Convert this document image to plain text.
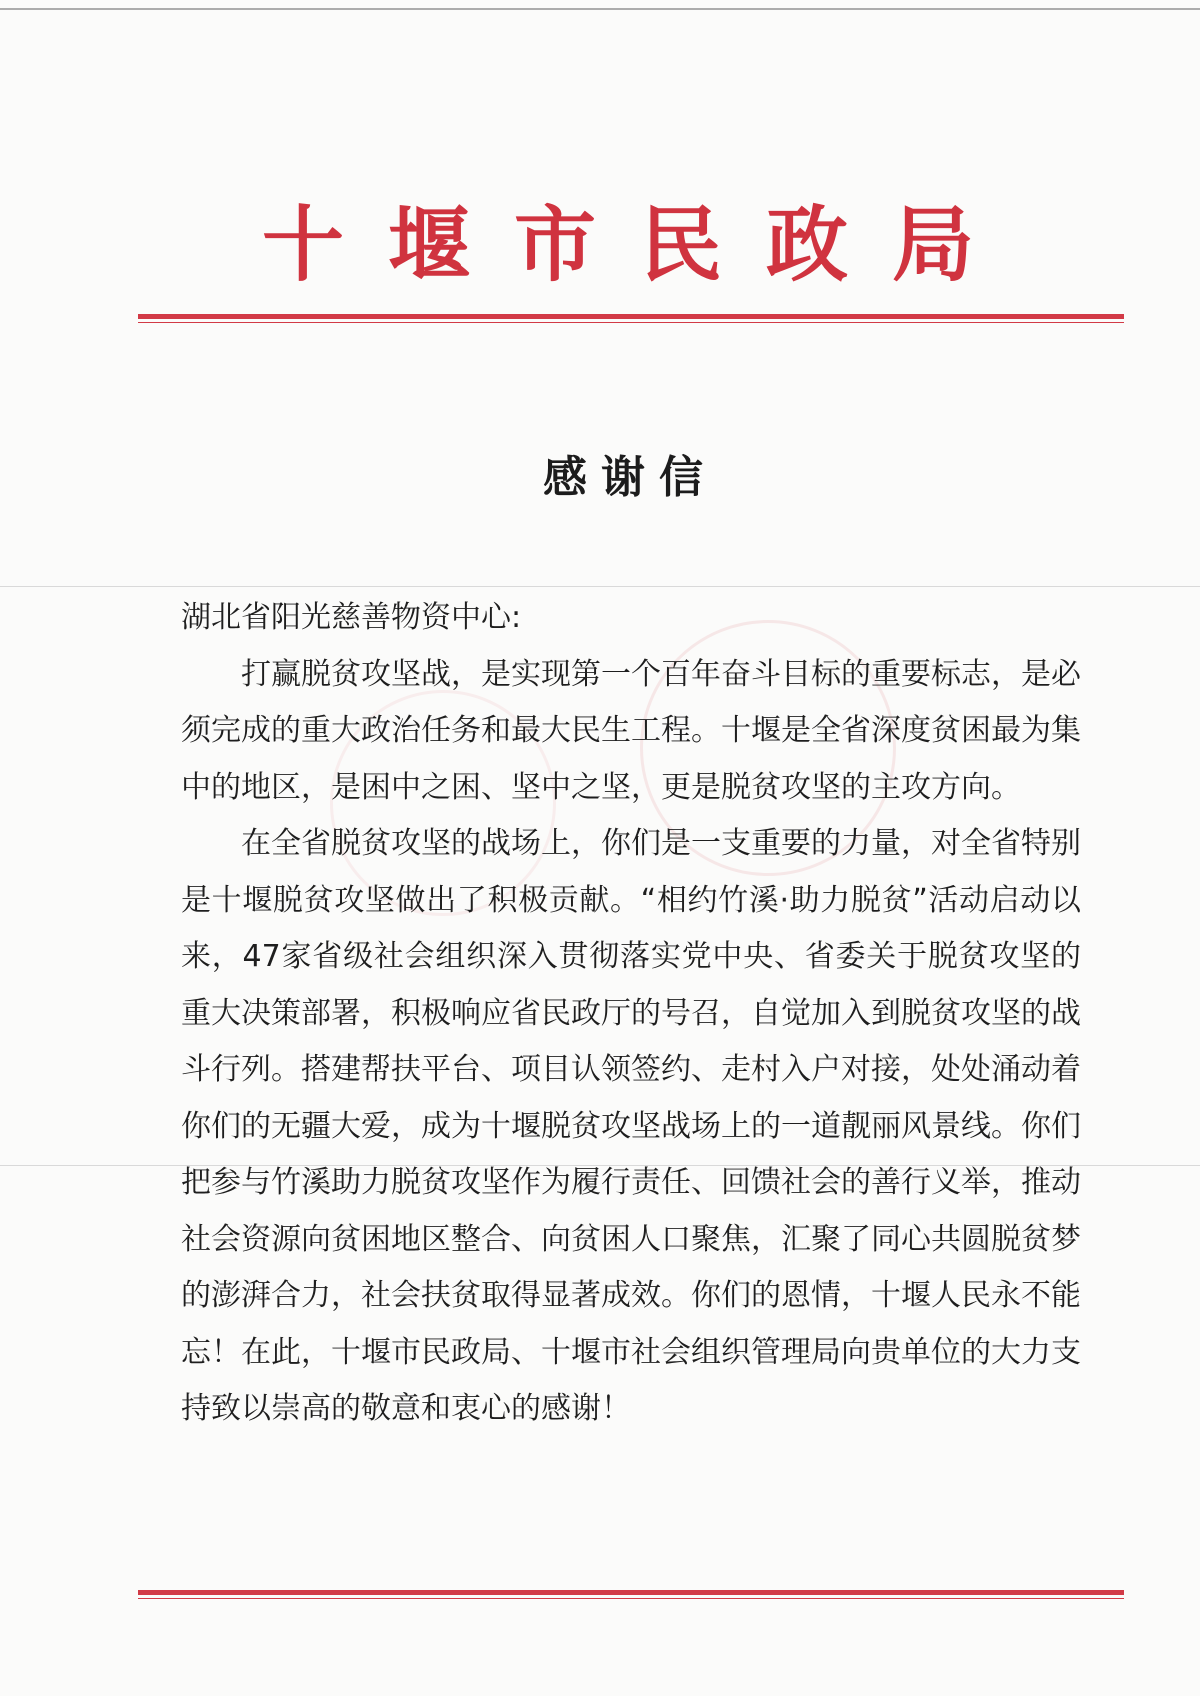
十堰市民政局
感谢信

湖北省阳光慈善物资中心:

打赢脱贫攻坚战，是实现第一个百年奋斗目标的重要标志，是必须完成的重大政治任务和最大民生工程。十堰是全省深度贫困最为集中的地区，是困中之困、坚中之坚，更是脱贫攻坚的主攻方向。

在全省脱贫攻坚的战场上，你们是一支重要的力量，对全省特别是十堰脱贫攻坚做出了积极贡献。“相约竹溪·助力脱贫”活动启动以来，47家省级社会组织深入贯彻落实党中央、省委关于脱贫攻坚的重大决策部署，积极响应省民政厅的号召，自觉加入到脱贫攻坚的战斗行列。搭建帮扶平台、项目认领签约、走村入户对接，处处涌动着你们的无疆大爱，成为十堰脱贫攻坚战场上的一道靓丽风景线。你们把参与竹溪助力脱贫攻坚作为履行责任、回馈社会的善行义举，推动社会资源向贫困地区整合、向贫困人口聚焦，汇聚了同心共圆脱贫梦的澎湃合力，社会扶贫取得显著成效。你们的恩情，十堰人民永不能忘！在此，十堰市民政局、十堰市社会组织管理局向贵单位的大力支持致以崇高的敬意和衷心的感谢！
